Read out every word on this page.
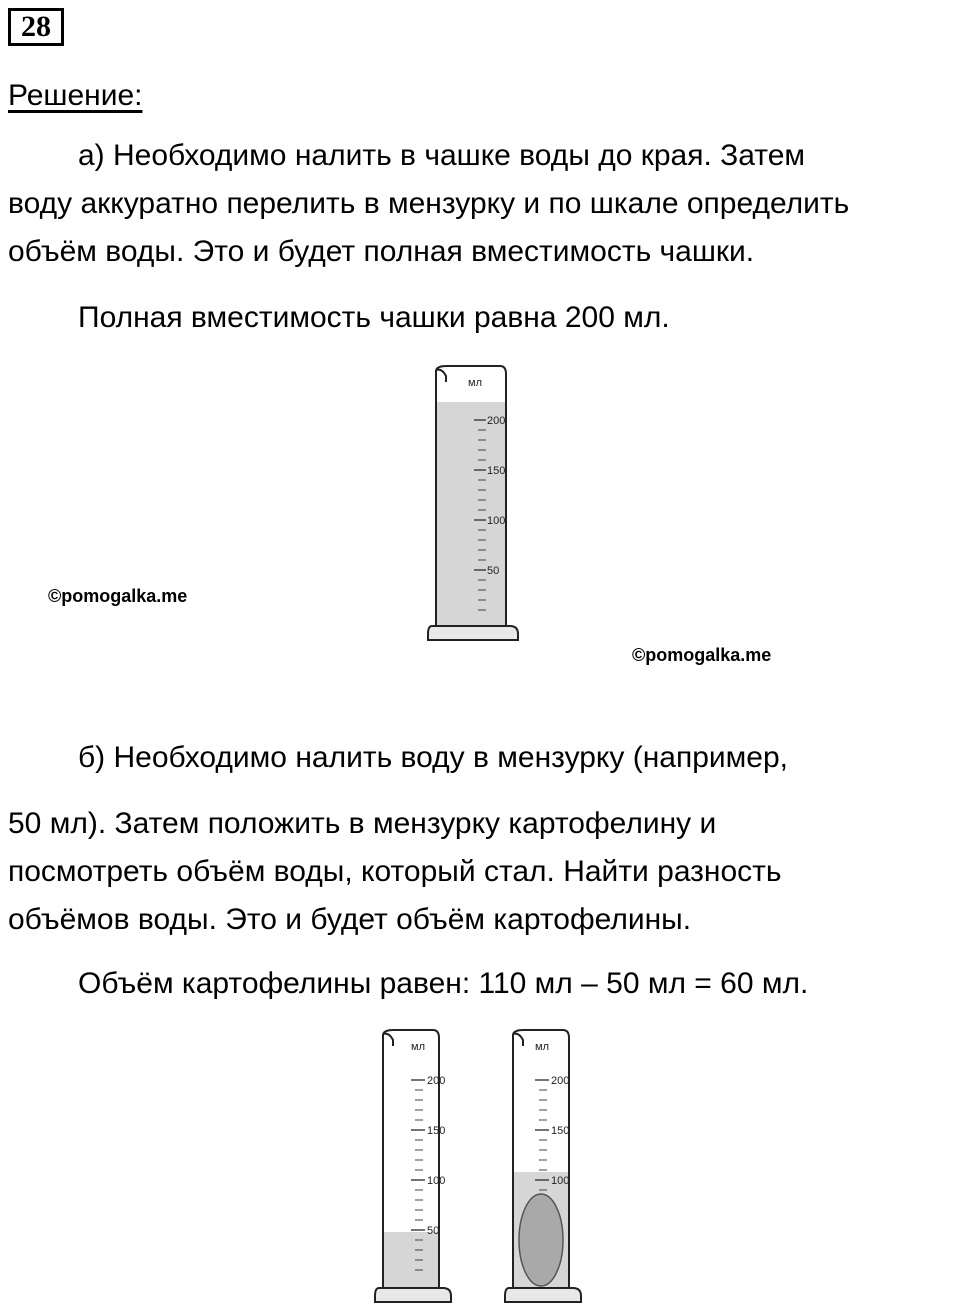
28
Решение:
а) Необходимо налить в чашке воды до края. Затем
воду аккуратно перелить в мензурку и по шкале определить
объём воды. Это и будет полная вместимость чашки.
Полная вместимость чашки равна 200 мл.
мл
200
150
100
50
©pomogalka.me
©pomogalka.me
б) Необходимо налить воду в мензурку (например,
50 мл). Затем положить в мензурку картофелину и
посмотреть объём воды, который стал. Найти разность
объёмов воды. Это и будет объём картофелины.
Объём картофелины равен: 110 мл – 50 мл = 60 мл.
мл
200
150
100
50
мл
200
150
100
